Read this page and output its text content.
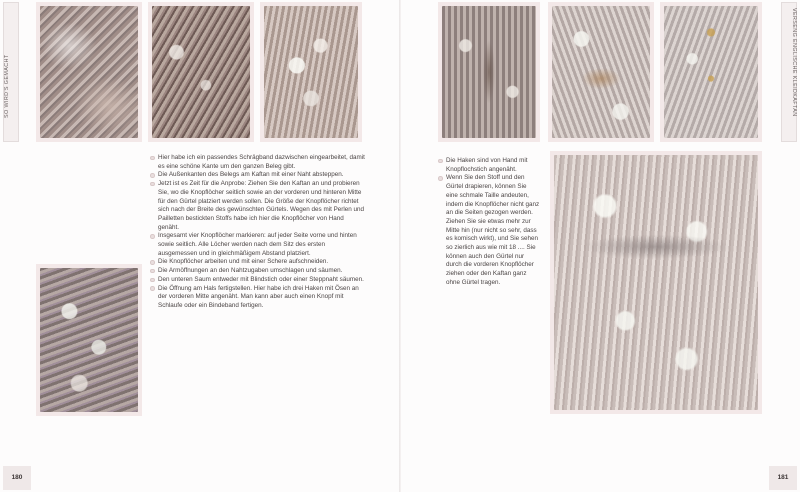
SO WIRD'S GEMACHT
Hier habe ich ein passendes Schrägband dazwischen eingearbeitet, damit es eine schöne Kante um den ganzen Beleg gibt.
Die Außenkanten des Belegs am Kaftan mit einer Naht absteppen.
Jetzt ist es Zeit für die Anprobe: Ziehen Sie den Kaftan an und probieren Sie, wo die Knopflöcher seitlich sowie an der vorderen und hinteren Mitte für den Gürtel platziert werden sollen. Die Größe der Knopflöcher richtet sich nach der Breite des gewünschten Gürtels. Wegen des mit Perlen und Pailletten bestickten Stoffs habe ich hier die Knopflöcher von Hand genäht.
Insgesamt vier Knopflöcher markieren: auf jeder Seite vorne und hinten sowie seitlich. Alle Löcher werden nach dem Sitz des ersten ausgemessen und in gleichmäßigem Abstand platziert.
Die Knopflöcher arbeiten und mit einer Schere aufschneiden.
Die Armöffnungen an den Nahtzugaben umschlagen und säumen.
Den unteren Saum entweder mit Blindstich oder einer Steppnaht säumen.
Die Öffnung am Hals fertigstellen. Hier habe ich drei Haken mit Ösen an der vorderen Mitte angenäht. Man kann aber auch einen Knopf mit Schlaufe oder ein Bindeband fertigen.
180
Die Haken sind von Hand mit Knopflochstich angenäht.
Wenn Sie den Stoff und den Gürtel drapieren, können Sie eine schmale Taille andeuten, indem die Knopflöcher nicht ganz an die Seiten gezogen werden. Ziehen Sie sie etwas mehr zur Mitte hin (nur nicht so sehr, dass es komisch wirkt), und Sie sehen so zierlich aus wie mit 18 .... Sie können auch den Gürtel nur durch die vorderen Knopflöcher ziehen oder den Kaftan ganz ohne Gürtel tragen.
VERSENG ENGLISCHE KLEIDKAFTAN
181
